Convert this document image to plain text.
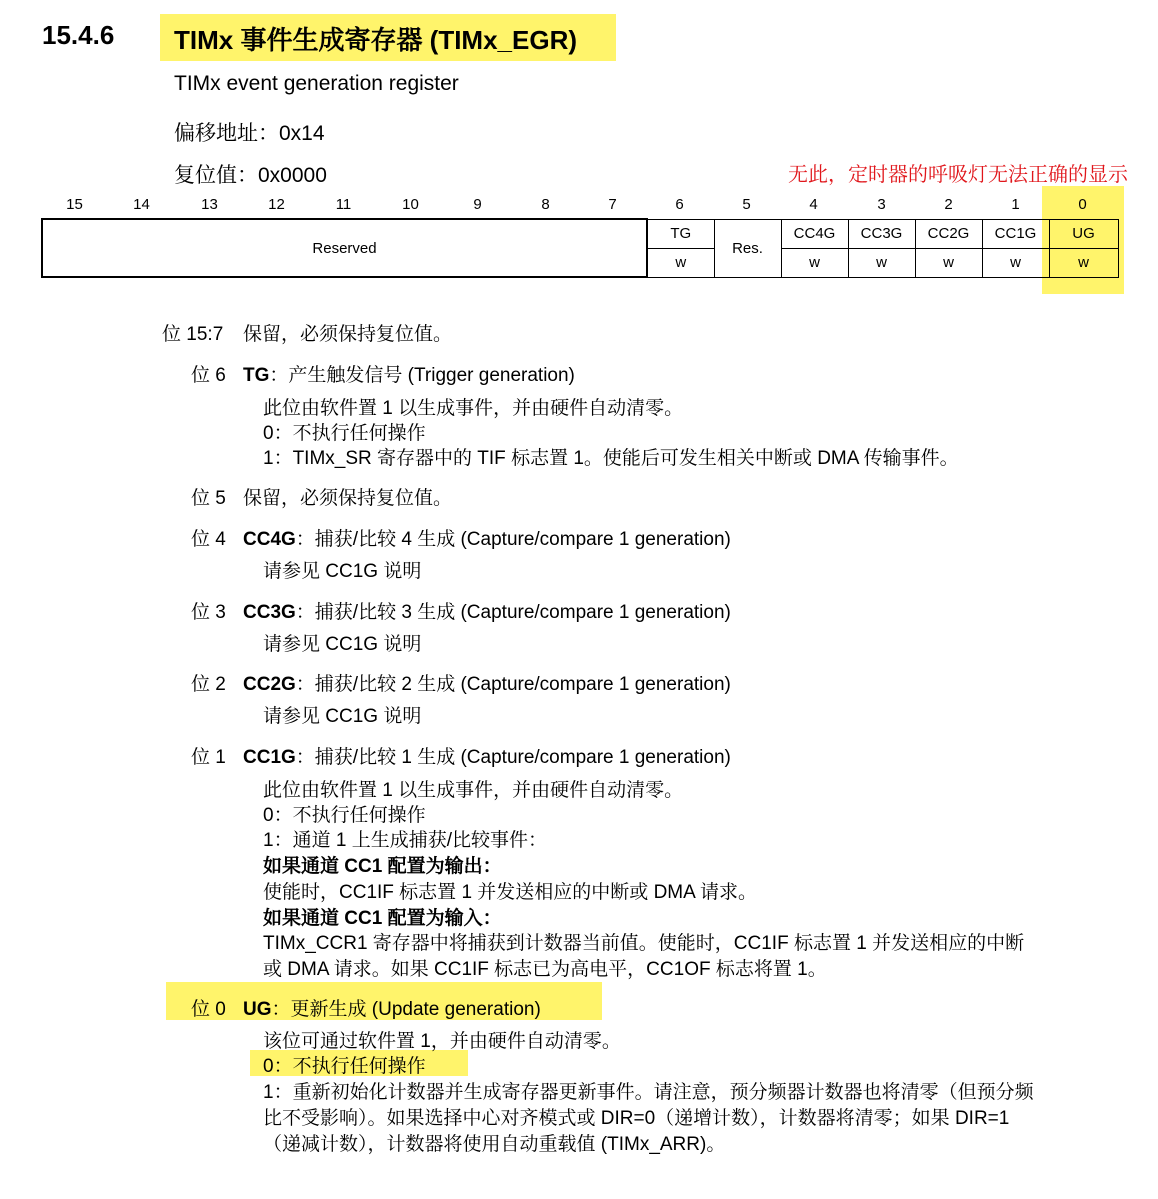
15.4.6 TIMx 事件生成寄存器 (TIMx_EGR)
TIMx event generation register
偏移地址：0x14
复位值：0x0000	无此，定时器的呼吸灯无法正确的显示
15	14	13	12	11	10	9	8	7	6	5	4	3	2	1	0
Reserved	TG	Res.	CC4G	CC3G	CC2G	CC1G	UG
	w		w	w	w	w	w
位 15:7 保留，必须保持复位值。
位 6 TG：产生触发信号 (Trigger generation)
此位由软件置 1 以生成事件，并由硬件自动清零。
0：不执行任何操作
1：TIMx_SR 寄存器中的 TIF 标志置 1。使能后可发生相关中断或 DMA 传输事件。
位 5 保留，必须保持复位值。
位 4 CC4G：捕获/比较 4 生成 (Capture/compare 1 generation)
请参见 CC1G 说明
位 3 CC3G：捕获/比较 3 生成 (Capture/compare 1 generation)
请参见 CC1G 说明
位 2 CC2G：捕获/比较 2 生成 (Capture/compare 1 generation)
请参见 CC1G 说明
位 1 CC1G：捕获/比较 1 生成 (Capture/compare 1 generation)
此位由软件置 1 以生成事件，并由硬件自动清零。
0：不执行任何操作
1：通道 1 上生成捕获/比较事件：
如果通道 CC1 配置为输出：
使能时，CC1IF 标志置 1 并发送相应的中断或 DMA 请求。
如果通道 CC1 配置为输入：
TIMx_CCR1 寄存器中将捕获到计数器当前值。使能时，CC1IF 标志置 1 并发送相应的中断
或 DMA 请求。如果 CC1IF 标志已为高电平，CC1OF 标志将置 1。
位 0 UG：更新生成 (Update generation)
该位可通过软件置 1，并由硬件自动清零。
0：不执行任何操作
1：重新初始化计数器并生成寄存器更新事件。请注意，预分频器计数器也将清零（但预分频
比不受影响）。如果选择中心对齐模式或 DIR=0（递增计数），计数器将清零；如果 DIR=1
（递减计数），计数器将使用自动重载值 (TIMx_ARR)。
